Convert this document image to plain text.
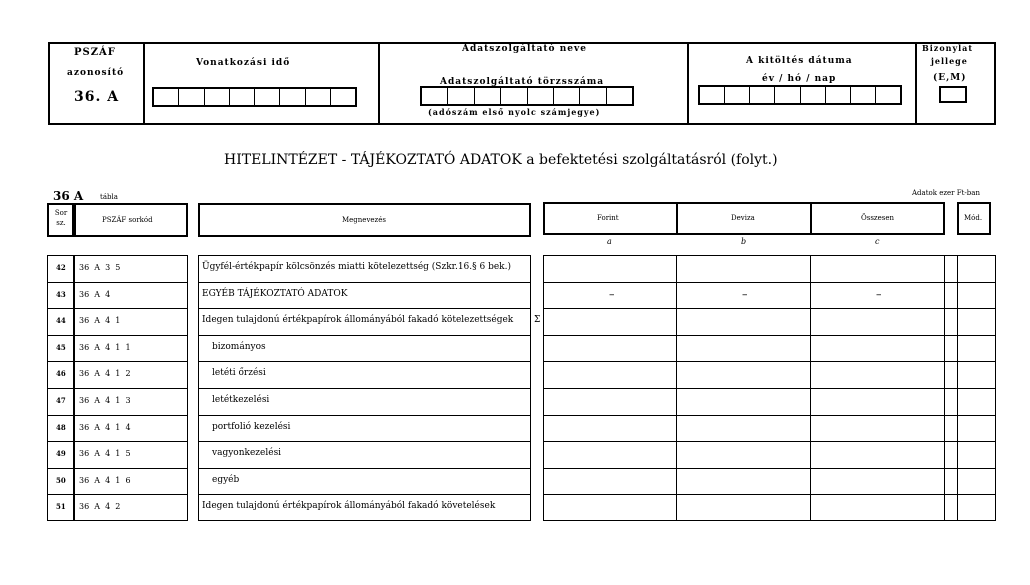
PSZÁF
azonosító
36. A
Vonatkozási idő
Adatszolgáltató neve
Adatszolgáltató törzsszáma
(adószám első nyolc számjegye)
A kitöltés dátuma
év / hó / nap
Bizonylat
jellege
(E,M)
HITELINTÉZET - TÁJÉKOZTATÓ ADATOK a befektetési szolgáltatásról (folyt.)
36 A tábla	Adatok ezer Ft-ban
Sor sz.	PSZÁF sorkód	Megnevezés	Forint	Deviza	Összesen	Mód.
a	b	c
42 36  A  3  5	Ügyfél-értékpapír kölcsönzés miatti kötelezettség (Szkr.16.§ 6 bek.)
43 36  A  4	EGYÉB TÁJÉKOZTATÓ ADATOK	–	–	–
44 36  A  4  1	Idegen tulajdonú értékpapírok állományából fakadó kötelezettségek Σ
45 36  A  4  1  1	bizományos
46 36  A  4  1  2	letéti őrzési
47 36  A  4  1  3	letétkezelési
48 36  A  4  1  4	portfolió kezelési
49 36  A  4  1  5	vagyonkezelési
50 36  A  4  1  6	egyéb
51 36  A  4  2	Idegen tulajdonú értékpapírok állományából fakadó követelések
